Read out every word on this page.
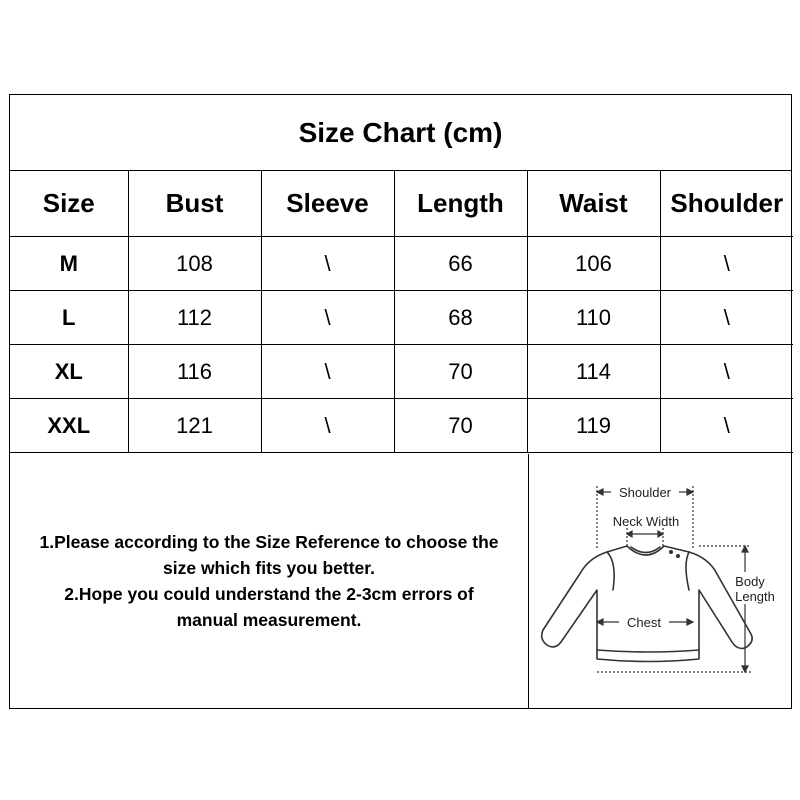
Size Chart (cm)
Size	Bust	Sleeve	Length	Waist	Shoulder
M	108	\	66	106	\
L	112	\	68	110	\
XL	116	\	70	114	\
XXL	121	\	70	119	\

1.Please according to the Size Reference to choose the

size which fits you better.

2.Hope you could understand the 2-3cm errors of

manual measurement.

Shoulder
Neck Width
Chest
Body
Length
